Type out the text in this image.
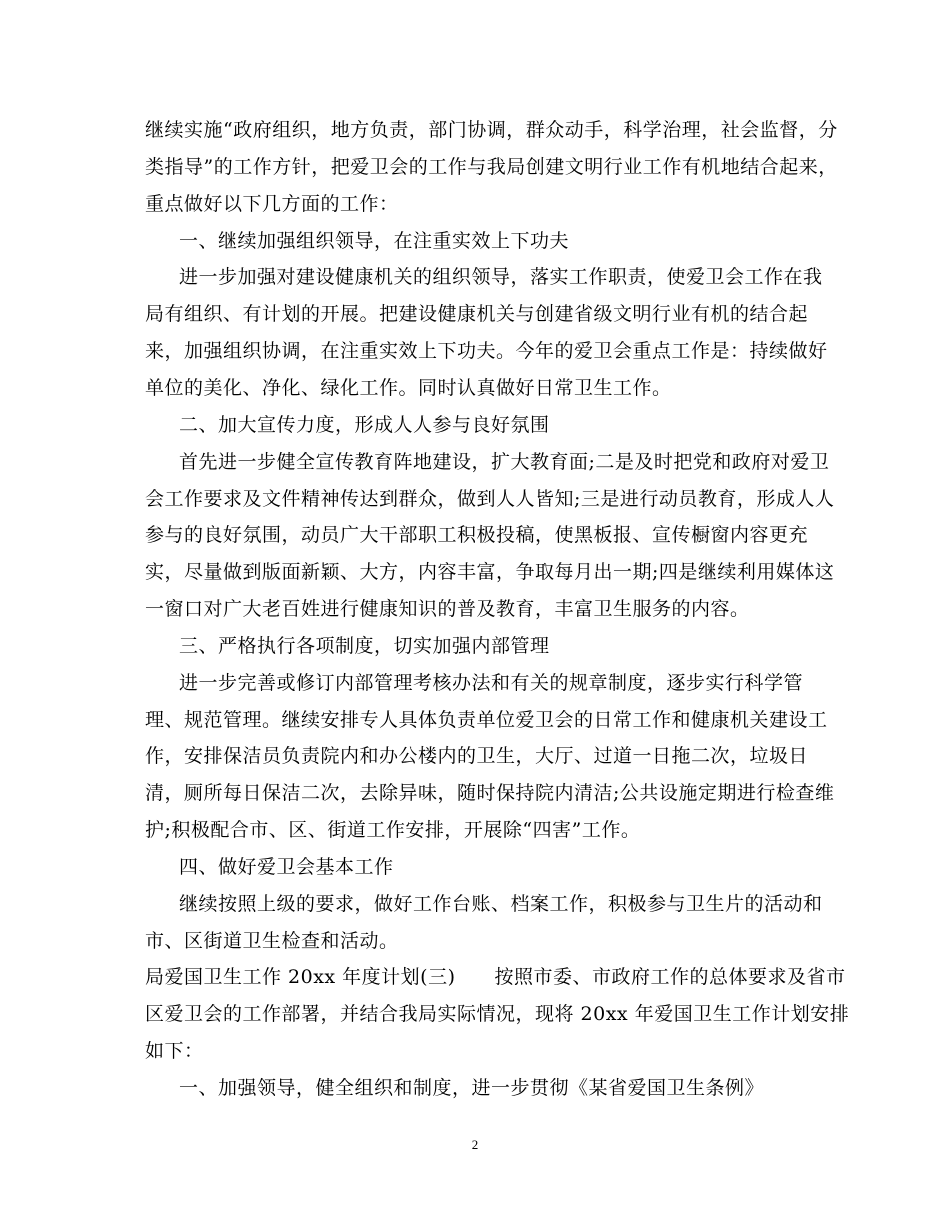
继续实施“政府组织，地方负责，部门协调，群众动手，科学治理，社会监督，分
类指导”的工作方针，把爱卫会的工作与我局创建文明行业工作有机地结合起来，
重点做好以下几方面的工作：
一、继续加强组织领导，在注重实效上下功夫
进一步加强对建设健康机关的组织领导，落实工作职责，使爱卫会工作在我
局有组织、有计划的开展。把建设健康机关与创建省级文明行业有机的结合起
来，加强组织协调，在注重实效上下功夫。今年的爱卫会重点工作是：持续做好
单位的美化、净化、绿化工作。同时认真做好日常卫生工作。
二、加大宣传力度，形成人人参与良好氛围
首先进一步健全宣传教育阵地建设，扩大教育面;二是及时把党和政府对爱卫
会工作要求及文件精神传达到群众，做到人人皆知;三是进行动员教育，形成人人
参与的良好氛围，动员广大干部职工积极投稿，使黑板报、宣传橱窗内容更充
实，尽量做到版面新颖、大方，内容丰富，争取每月出一期;四是继续利用媒体这
一窗口对广大老百姓进行健康知识的普及教育，丰富卫生服务的内容。
三、严格执行各项制度，切实加强内部管理
进一步完善或修订内部管理考核办法和有关的规章制度，逐步实行科学管
理、规范管理。继续安排专人具体负责单位爱卫会的日常工作和健康机关建设工
作，安排保洁员负责院内和办公楼内的卫生，大厅、过道一日拖二次，垃圾日
清，厕所每日保洁二次，去除异味，随时保持院内清洁;公共设施定期进行检查维
护;积极配合市、区、街道工作安排，开展除“四害”工作。
四、做好爱卫会基本工作
继续按照上级的要求，做好工作台账、档案工作，积极参与卫生片的活动和
市、区街道卫生检查和活动。
局爱国卫生工作 20xx 年度计划(三)　　按照市委、市政府工作的总体要求及省市
区爱卫会的工作部署，并结合我局实际情况，现将 20xx 年爱国卫生工作计划安排
如下：
一、加强领导，健全组织和制度，进一步贯彻《某省爱国卫生条例》
2
